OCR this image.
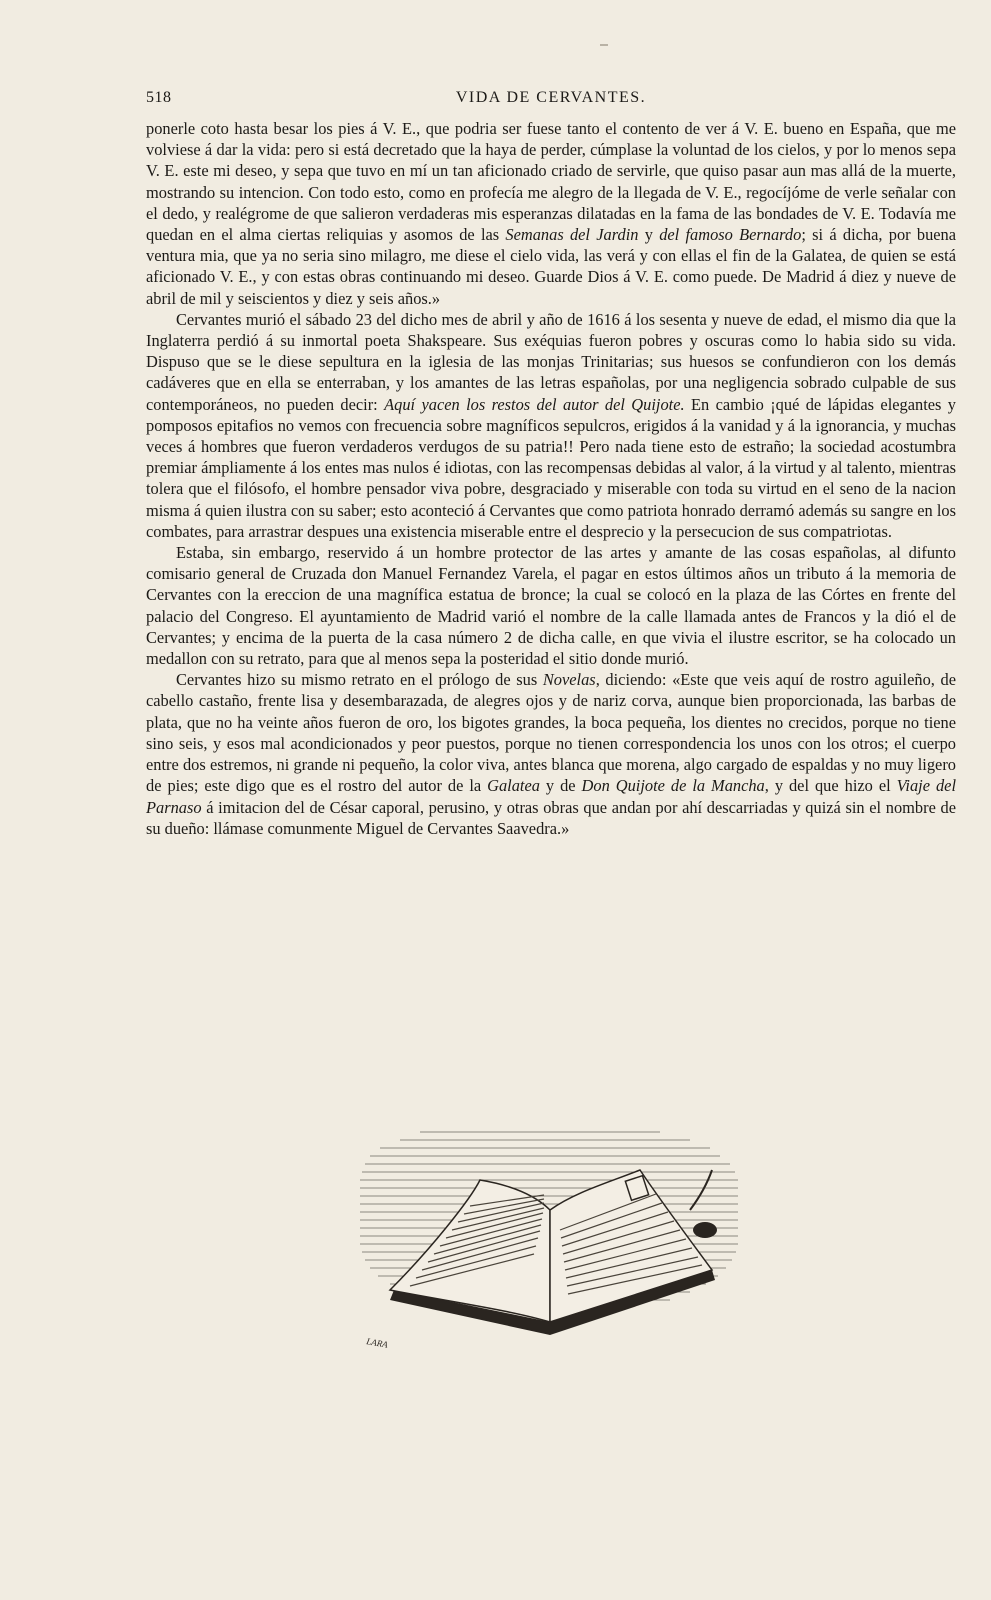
518	VIDA DE CERVANTES.

ponerle coto hasta besar los pies á V. E., que podria ser fuese tanto el contento de ver á V. E. bueno en España, que me volviese á dar la vida: pero si está decretado que la haya de perder, cúmplase la voluntad de los cielos, y por lo menos sepa V. E. este mi deseo, y sepa que tuvo en mí un tan aficionado criado de servirle, que quiso pasar aun mas allá de la muerte, mostrando su intencion. Con todo esto, como en profecía me alegro de la llegada de V. E., regocíjóme de verle señalar con el dedo, y realégrome de que salieron verdaderas mis esperanzas dilatadas en la fama de las bondades de V. E. Todavía me quedan en el alma ciertas reliquias y asomos de las Semanas del Jardin y del famoso Bernardo; si á dicha, por buena ventura mia, que ya no seria sino milagro, me diese el cielo vida, las verá y con ellas el fin de la Galatea, de quien se está aficionado V. E., y con estas obras continuando mi deseo. Guarde Dios á V. E. como puede. De Madrid á diez y nueve de abril de mil y seiscientos y diez y seis años.»

Cervantes murió el sábado 23 del dicho mes de abril y año de 1616 á los sesenta y nueve de edad, el mismo dia que la Inglaterra perdió á su inmortal poeta Shakspeare. Sus exéquias fueron pobres y oscuras como lo habia sido su vida. Dispuso que se le diese sepultura en la iglesia de las monjas Trinitarias; sus huesos se confundieron con los demás cadáveres que en ella se enterraban, y los amantes de las letras españolas, por una negligencia sobrado culpable de sus contemporáneos, no pueden decir: Aquí yacen los restos del autor del Quijote. En cambio ¡qué de lápidas elegantes y pomposos epitafios no vemos con frecuencia sobre magníficos sepulcros, erigidos á la vanidad y á la ignorancia, y muchas veces á hombres que fueron verdaderos verdugos de su patria!! Pero nada tiene esto de estraño; la sociedad acostumbra premiar ámpliamente á los entes mas nulos é idiotas, con las recompensas debidas al valor, á la virtud y al talento, mientras tolera que el filósofo, el hombre pensador viva pobre, desgraciado y miserable con toda su virtud en el seno de la nacion misma á quien ilustra con su saber; esto aconteció á Cervantes que como patriota honrado derramó además su sangre en los combates, para arrastrar despues una existencia miserable entre el desprecio y la persecucion de sus compatriotas.

Estaba, sin embargo, reservido á un hombre protector de las artes y amante de las cosas españolas, al difunto comisario general de Cruzada don Manuel Fernandez Varela, el pagar en estos últimos años un tributo á la memoria de Cervantes con la ereccion de una magnífica estatua de bronce; la cual se colocó en la plaza de las Córtes en frente del palacio del Congreso. El ayuntamiento de Madrid varió el nombre de la calle llamada antes de Francos y la dió el de Cervantes; y encima de la puerta de la casa número 2 de dicha calle, en que vivia el ilustre escritor, se ha colocado un medallon con su retrato, para que al menos sepa la posteridad el sitio donde murió.

Cervantes hizo su mismo retrato en el prólogo de sus Novelas, diciendo: «Este que veis aquí de rostro aguileño, de cabello castaño, frente lisa y desembarazada, de alegres ojos y de nariz corva, aunque bien proporcionada, las barbas de plata, que no ha veinte años fueron de oro, los bigotes grandes, la boca pequeña, los dientes no crecidos, porque no tiene sino seis, y esos mal acondicionados y peor puestos, porque no tienen correspondencia los unos con los otros; el cuerpo entre dos estremos, ni grande ni pequeño, la color viva, antes blanca que morena, algo cargado de espaldas y no muy ligero de pies; este digo que es el rostro del autor de la Galatea y de Don Quijote de la Mancha, y del que hizo el Viaje del Parnaso á imitacion del de César caporal, perusino, y otras obras que andan por ahí descarriadas y quizá sin el nombre de su dueño: llámase comunmente Miguel de Cervantes Saavedra.»

LARA
